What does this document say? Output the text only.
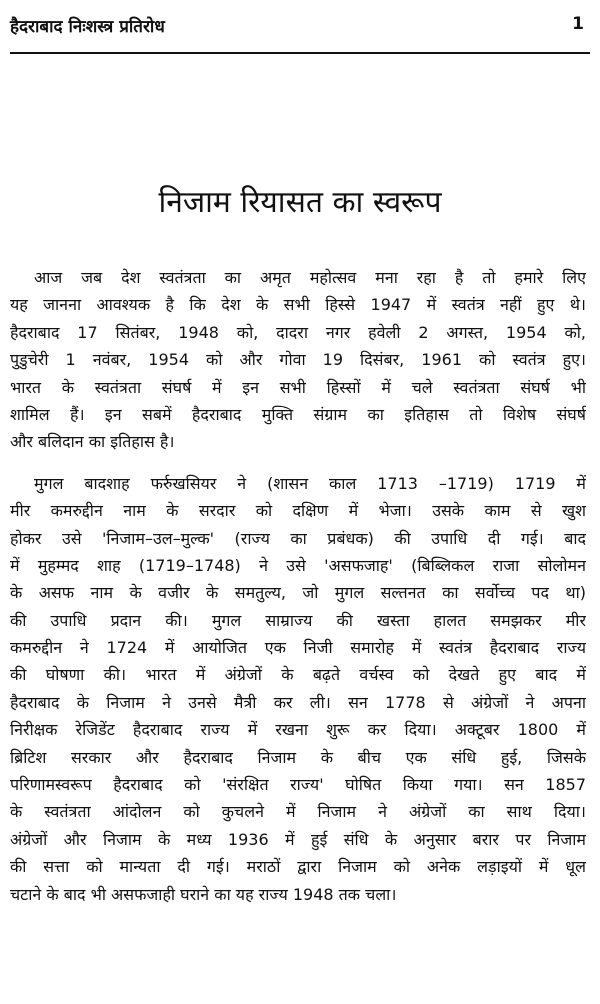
हैदराबाद निःशस्त्र प्रतिरोध	1
निजाम रियासत का स्वरूप
आज जब देश स्वतंत्रता का अमृत महोत्सव मना रहा है तो हमारे लिए
यह जानना आवश्यक है कि देश के सभी हिस्से 1947 में स्वतंत्र नहीं हुए थे।
हैदराबाद 17 सितंबर, 1948 को, दादरा नगर हवेली 2 अगस्त, 1954 को,
पुडुचेरी 1 नवंबर, 1954 को और गोवा 19 दिसंबर, 1961 को स्वतंत्र हुए।
भारत के स्वतंत्रता संघर्ष में इन सभी हिस्सों में चले स्वतंत्रता संघर्ष भी
शामिल हैं। इन सबमें हैदराबाद मुक्ति संग्राम का इतिहास तो विशेष संघर्ष
और बलिदान का इतिहास है।
मुगल बादशाह फर्रुखसियर ने (शासन काल 1713 –1719) 1719 में
मीर कमरुद्दीन नाम के सरदार को दक्षिण में भेजा। उसके काम से खुश
होकर उसे 'निजाम–उल–मुल्क' (राज्य का प्रबंधक) की उपाधि दी गई। बाद
में मुहम्मद शाह (1719–1748) ने उसे 'असफजाह' (बिब्लिकल राजा सोलोमन
के असफ नाम के वजीर के समतुल्य, जो मुगल सल्तनत का सर्वोच्च पद था)
की उपाधि प्रदान की। मुगल साम्राज्य की खस्ता हालत समझकर मीर
कमरुद्दीन ने 1724 में आयोजित एक निजी समारोह में स्वतंत्र हैदराबाद राज्य
की घोषणा की। भारत में अंग्रेजों के बढ़ते वर्चस्व को देखते हुए बाद में
हैदराबाद के निजाम ने उनसे मैत्री कर ली। सन 1778 से अंग्रेजों ने अपना
निरीक्षक रेजिडेंट हैदराबाद राज्य में रखना शुरू कर दिया। अक्टूबर 1800 में
ब्रिटिश सरकार और हैदराबाद निजाम के बीच एक संधि हुई, जिसके
परिणामस्वरूप हैदराबाद को 'संरक्षित राज्य' घोषित किया गया। सन 1857
के स्वतंत्रता आंदोलन को कुचलने में निजाम ने अंग्रेजों का साथ दिया।
अंग्रेजों और निजाम के मध्य 1936 में हुई संधि के अनुसार बरार पर निजाम
की सत्ता को मान्यता दी गई। मराठों द्वारा निजाम को अनेक लड़ाइयों में धूल
चटाने के बाद भी असफजाही घराने का यह राज्य 1948 तक चला।
